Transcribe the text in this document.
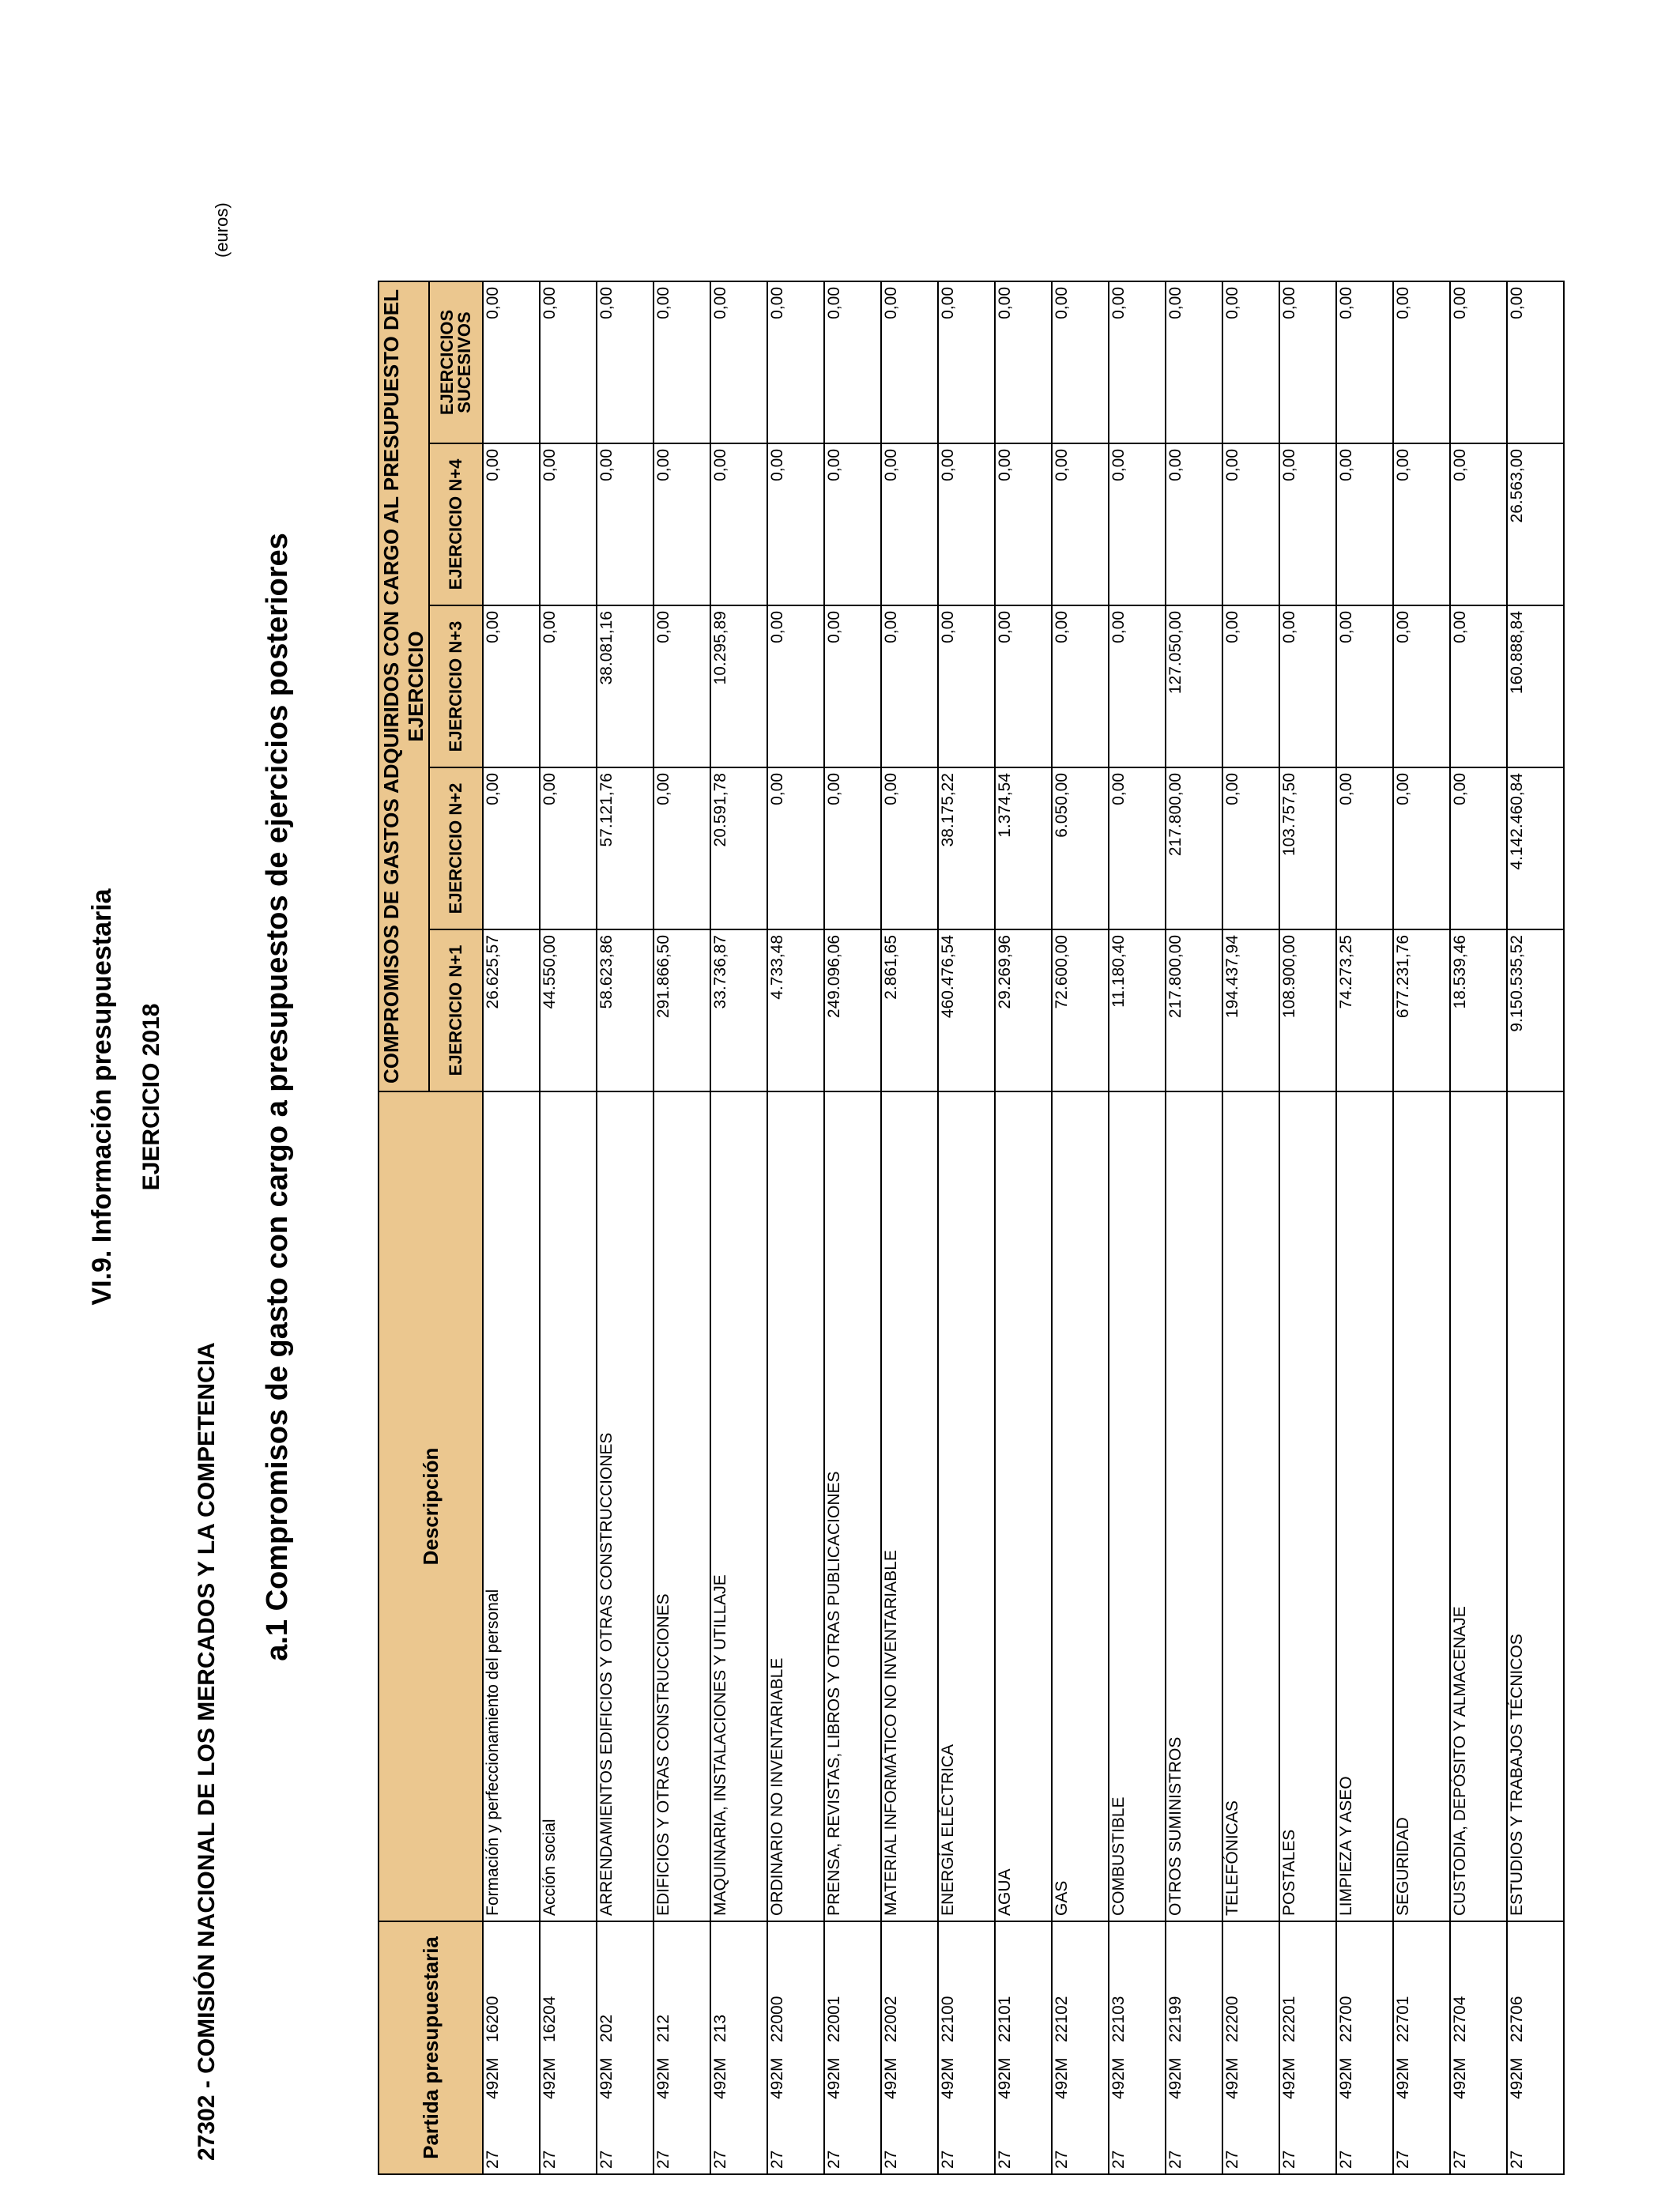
VI.9. Información presupuestaria EJERCICIO 2018
27302 - COMISIÓN NACIONAL DE LOS MERCADOS Y LA COMPETENCIA
a.1 Compromisos de gasto con cargo a presupuestos de ejercicios posteriores
(euros)
Partida presupuestaria	Descripción	COMPROMISOS DE GASTOS ADQUIRIDOS CON CARGO AL PRESUPUESTO DEL EJERCICIO				
		EJERCICIO N+1	EJERCICIO N+2	EJERCICIO N+3	EJERCICIO N+4	EJERCICIOS SUCESIVOS
27492M16200	Formación y perfeccionamiento del personal	26.625,57	0,00	0,00	0,00	0,00
27492M16204	Acción social	44.550,00	0,00	0,00	0,00	0,00
27492M202	ARRENDAMIENTOS EDIFICIOS Y OTRAS CONSTRUCCIONES	58.623,86	57.121,76	38.081,16	0,00	0,00
27492M212	EDIFICIOS Y OTRAS CONSTRUCCIONES	291.866,50	0,00	0,00	0,00	0,00
27492M213	MAQUINARIA, INSTALACIONES Y UTILLAJE	33.736,87	20.591,78	10.295,89	0,00	0,00
27492M22000	ORDINARIO NO INVENTARIABLE	4.733,48	0,00	0,00	0,00	0,00
27492M22001	PRENSA, REVISTAS, LIBROS Y OTRAS PUBLICACIONES	249.096,06	0,00	0,00	0,00	0,00
27492M22002	MATERIAL INFORMÁTICO NO INVENTARIABLE	2.861,65	0,00	0,00	0,00	0,00
27492M22100	ENERGÍA ELÉCTRICA	460.476,54	38.175,22	0,00	0,00	0,00
27492M22101	AGUA	29.269,96	1.374,54	0,00	0,00	0,00
27492M22102	GAS	72.600,00	6.050,00	0,00	0,00	0,00
27492M22103	COMBUSTIBLE	11.180,40	0,00	0,00	0,00	0,00
27492M22199	OTROS SUMINISTROS	217.800,00	217.800,00	127.050,00	0,00	0,00
27492M22200	TELEFÓNICAS	194.437,94	0,00	0,00	0,00	0,00
27492M22201	POSTALES	108.900,00	103.757,50	0,00	0,00	0,00
27492M22700	LIMPIEZA Y ASEO	74.273,25	0,00	0,00	0,00	0,00
27492M22701	SEGURIDAD	677.231,76	0,00	0,00	0,00	0,00
27492M22704	CUSTODIA, DEPÓSITO Y ALMACENAJE	18.539,46	0,00	0,00	0,00	0,00
27492M22706	ESTUDIOS Y TRABAJOS TÉCNICOS	9.150.535,52	4.142.460,84	160.888,84	26.563,00	0,00
